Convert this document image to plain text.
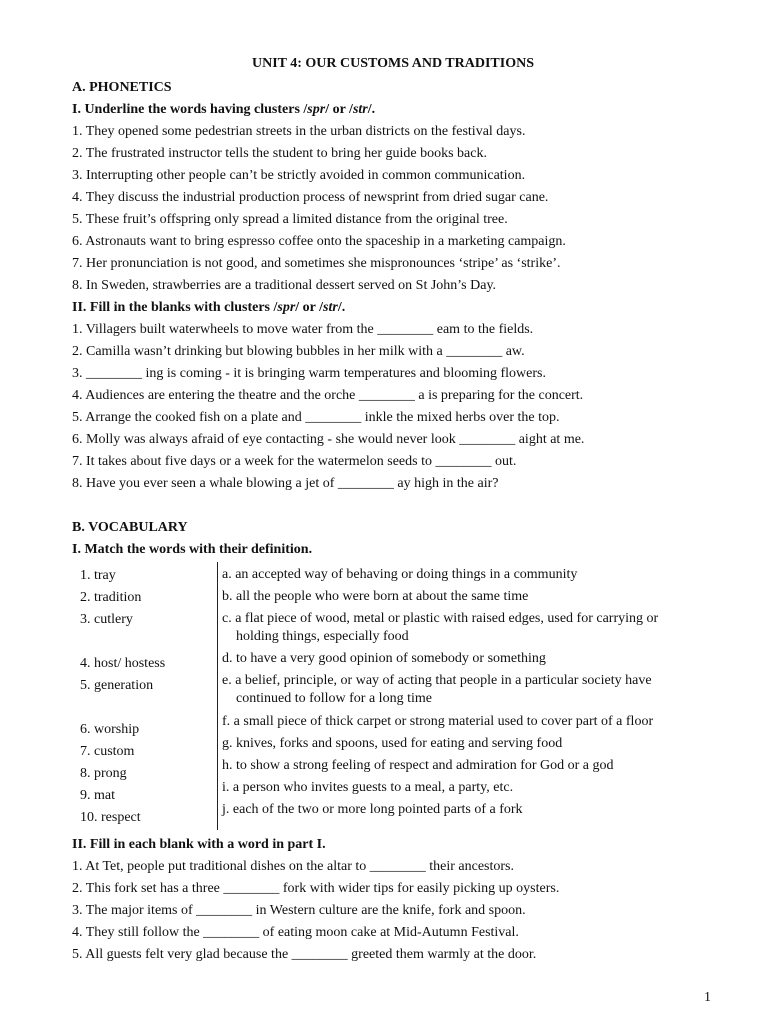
UNIT 4: OUR CUSTOMS AND TRADITIONS
A. PHONETICS
I. Underline the words having clusters /spr/ or /str/.
1. They opened some pedestrian streets in the urban districts on the festival days.
2. The frustrated instructor tells the student to bring her guide books back.
3. Interrupting other people can’t be strictly avoided in common communication.
4. They discuss the industrial production process of newsprint from dried sugar cane.
5. These fruit’s offspring only spread a limited distance from the original tree.
6. Astronauts want to bring espresso coffee onto the spaceship in a marketing campaign.
7. Her pronunciation is not good, and sometimes she mispronounces ‘stripe’ as ‘strike’.
8. In Sweden, strawberries are a traditional dessert served on St John’s Day.
II. Fill in the blanks with clusters /spr/ or /str/.
1. Villagers built waterwheels to move water from the ________ eam to the fields.
2. Camilla wasn’t drinking but blowing bubbles in her milk with a ________ aw.
3. ________ ing is coming - it is bringing warm temperatures and blooming flowers.
4. Audiences are entering the theatre and the orche ________ a is preparing for the concert.
5. Arrange the cooked fish on a plate and ________ inkle the mixed herbs over the top.
6. Molly was always afraid of eye contacting - she would never look ________ aight at me.
7. It takes about five days or a week for the watermelon seeds to ________ out.
8. Have you ever seen a whale blowing a jet of ________ ay high in the air?
B. VOCABULARY
I. Match the words with their definition.
1. tray
2. tradition
3. cutlery
4. host/ hostess
5. generation
6. worship
7. custom
8. prong
9. mat
10. respect
a. an accepted way of behaving or doing things in a community
b. all the people who were born at about the same time
c. a flat piece of wood, metal or plastic with raised edges, used for carrying or
holding things, especially food
d. to have a very good opinion of somebody or something
e. a belief, principle, or way of acting that people in a particular society have
continued to follow for a long time
f. a small piece of thick carpet or strong material used to cover part of a floor
g. knives, forks and spoons, used for eating and serving food
h. to show a strong feeling of respect and admiration for God or a god
i. a person who invites guests to a meal, a party, etc.
j. each of the two or more long pointed parts of a fork
II. Fill in each blank with a word in part I.
1. At Tet, people put traditional dishes on the altar to ________ their ancestors.
2. This fork set has a three ________ fork with wider tips for easily picking up oysters.
3. The major items of ________ in Western culture are the knife, fork and spoon.
4. They still follow the ________ of eating moon cake at Mid-Autumn Festival.
5. All guests felt very glad because the ________ greeted them warmly at the door.
1
